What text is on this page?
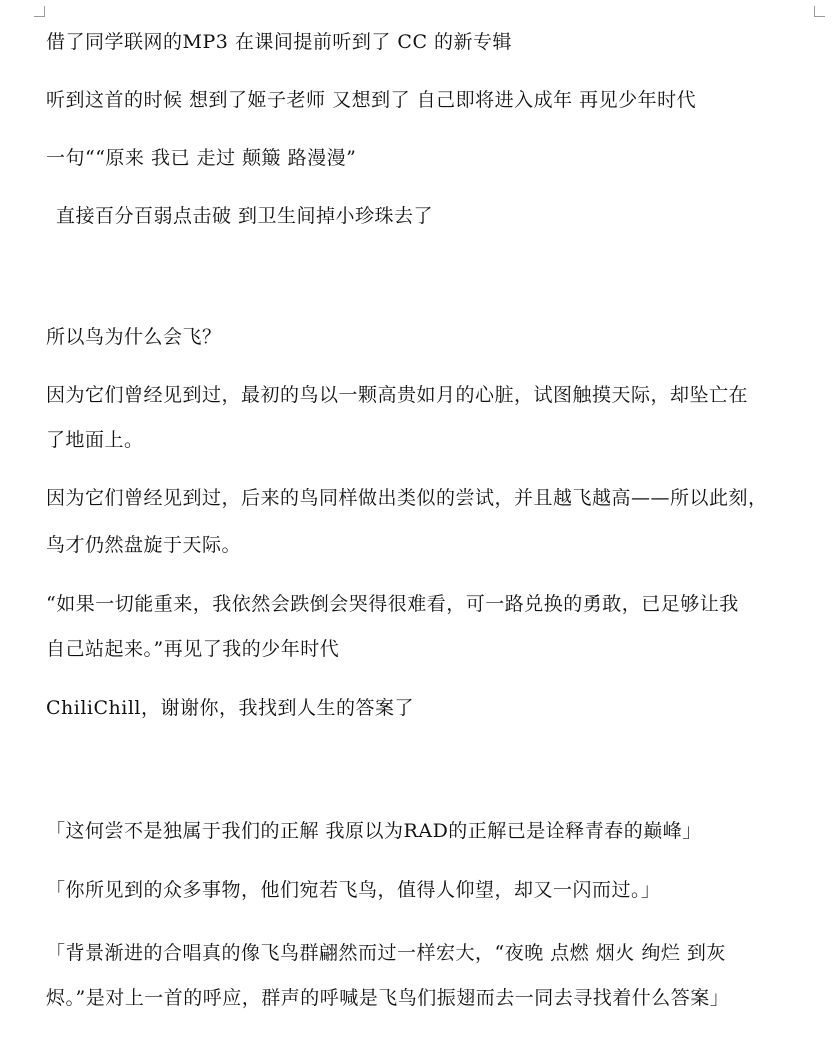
借了同学联网的MP3 在课间提前听到了 CC 的新专辑
听到这首的时候 想到了姬子老师 又想到了 自己即将进入成年 再见少年时代
一句““原来 我已 走过 颠簸 路漫漫”
直接百分百弱点击破 到卫生间掉小珍珠去了
所以鸟为什么会飞？
因为它们曾经见到过，最初的鸟以一颗高贵如月的心脏，试图触摸天际，却坠亡在
了地面上。
因为它们曾经见到过，后来的鸟同样做出类似的尝试，并且越飞越高——所以此刻，
鸟才仍然盘旋于天际。
“如果一切能重来，我依然会跌倒会哭得很难看，可一路兑换的勇敢，已足够让我
自己站起来。”再见了我的少年时代
ChiliChill，谢谢你，我找到人生的答案了
「这何尝不是独属于我们的正解 我原以为RAD的正解已是诠释青春的巅峰」
「你所见到的众多事物，他们宛若飞鸟，值得人仰望，却又一闪而过。」
「背景渐进的合唱真的像飞鸟群翩然而过一样宏大，“夜晚 点燃 烟火 绚烂 到灰
烬。”是对上一首的呼应，群声的呼喊是飞鸟们振翅而去一同去寻找着什么答案」
